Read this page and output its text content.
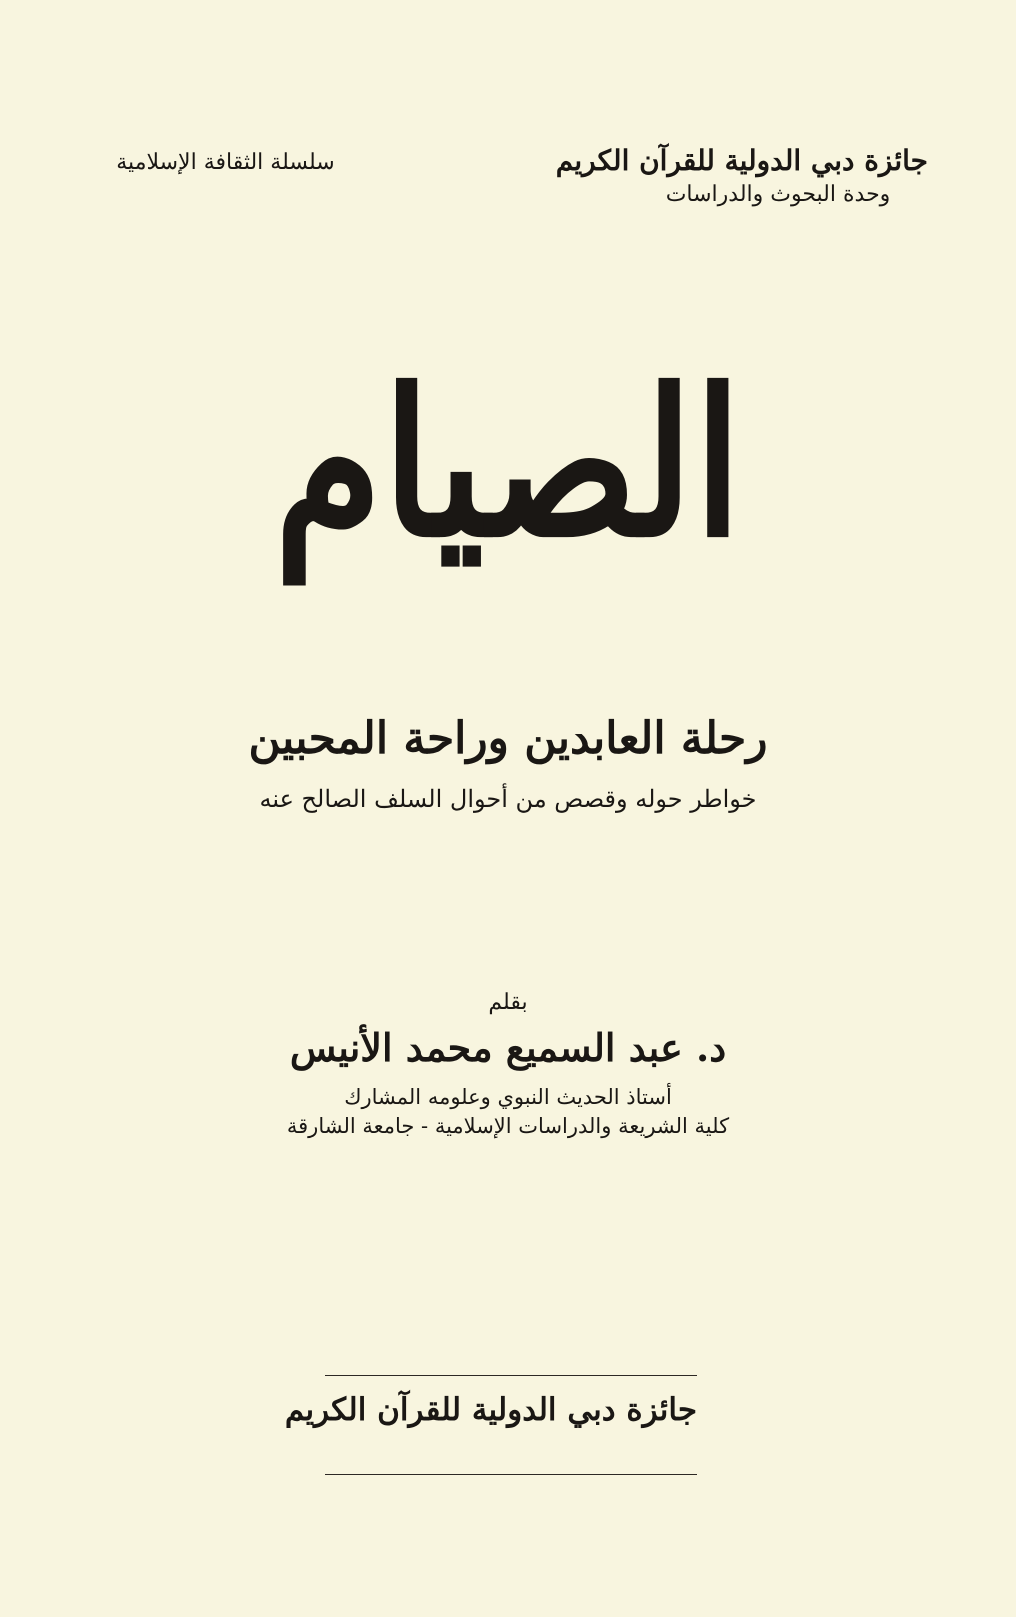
جائزة دبي الدولية للقرآن الكريم
وحدة البحوث والدراسات
سلسلة الثقافة الإسلامية
الصيام
رحلة العابدين وراحة المحبين
خواطر حوله وقصص من أحوال السلف الصالح عنه
بقلم
د. عبد السميع محمد الأنيس
أستاذ الحديث النبوي وعلومه المشارك
كلية الشريعة والدراسات الإسلامية - جامعة الشارقة
جائزة دبي الدولية للقرآن الكريم
